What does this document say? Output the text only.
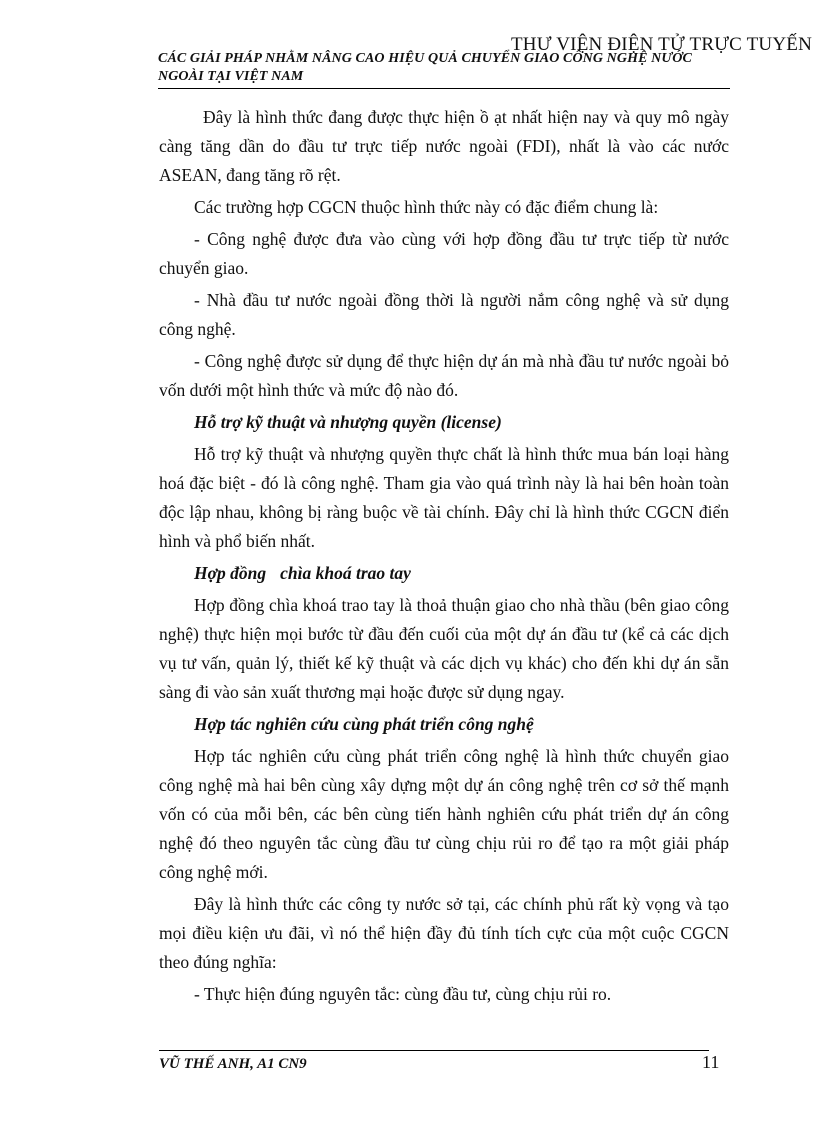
THƯ VIỆN ĐIỆN TỬ TRỰC TUYẾN
CÁC GIẢI PHÁP NHẰM NÂNG CAO HIỆU QUẢ CHUYỂN GIAO CÔNG NGHỆ NƯỚC
NGOÀI TẠI VIỆT NAM

Đây là hình thức đang được thực hiện ồ ạt nhất hiện nay và quy mô ngày càng tăng dần do đầu tư trực tiếp nước ngoài (FDI), nhất là vào các nước ASEAN, đang tăng rõ rệt.

Các trường hợp CGCN thuộc hình thức này có đặc điểm chung là:

- Công nghệ được đưa vào cùng với hợp đồng đầu tư trực tiếp từ nước chuyển giao.

- Nhà đầu tư nước ngoài đồng thời là người nắm công nghệ và sử dụng công nghệ.

- Công nghệ được sử dụng để thực hiện dự án mà nhà đầu tư nước ngoài bỏ vốn dưới một hình thức và mức độ nào đó.

Hỗ trợ kỹ thuật và nhượng quyền (license)

Hỗ trợ kỹ thuật và nhượng quyền thực chất là hình thức mua bán loại hàng hoá đặc biệt - đó là công nghệ. Tham gia vào quá trình này là hai bên hoàn toàn độc lập nhau, không bị ràng buộc về tài chính. Đây chỉ là hình thức CGCN điển hình và phổ biến nhất.

Hợp đồng chìa khoá trao tay

Hợp đồng chìa khoá trao tay là thoả thuận giao cho nhà thầu (bên giao công nghệ) thực hiện mọi bước từ đầu đến cuối của một dự án đầu tư (kể cả các dịch vụ tư vấn, quản lý, thiết kế kỹ thuật và các dịch vụ khác) cho đến khi dự án sẵn sàng đi vào sản xuất thương mại hoặc được sử dụng ngay.

Hợp tác nghiên cứu cùng phát triển công nghệ

Hợp tác nghiên cứu cùng phát triển công nghệ là hình thức chuyển giao công nghệ mà hai bên cùng xây dựng một dự án công nghệ trên cơ sở thế mạnh vốn có của mỗi bên, các bên cùng tiến hành nghiên cứu phát triển dự án công nghệ đó theo nguyên tắc cùng đầu tư cùng chịu rủi ro để tạo ra một giải pháp công nghệ mới.

Đây là hình thức các công ty nước sở tại, các chính phủ rất kỳ vọng và tạo mọi điều kiện ưu đãi, vì nó thể hiện đầy đủ tính tích cực của một cuộc CGCN theo đúng nghĩa:

- Thực hiện đúng nguyên tắc: cùng đầu tư, cùng chịu rủi ro.

VŨ THẾ ANH, A1 CN9	11
